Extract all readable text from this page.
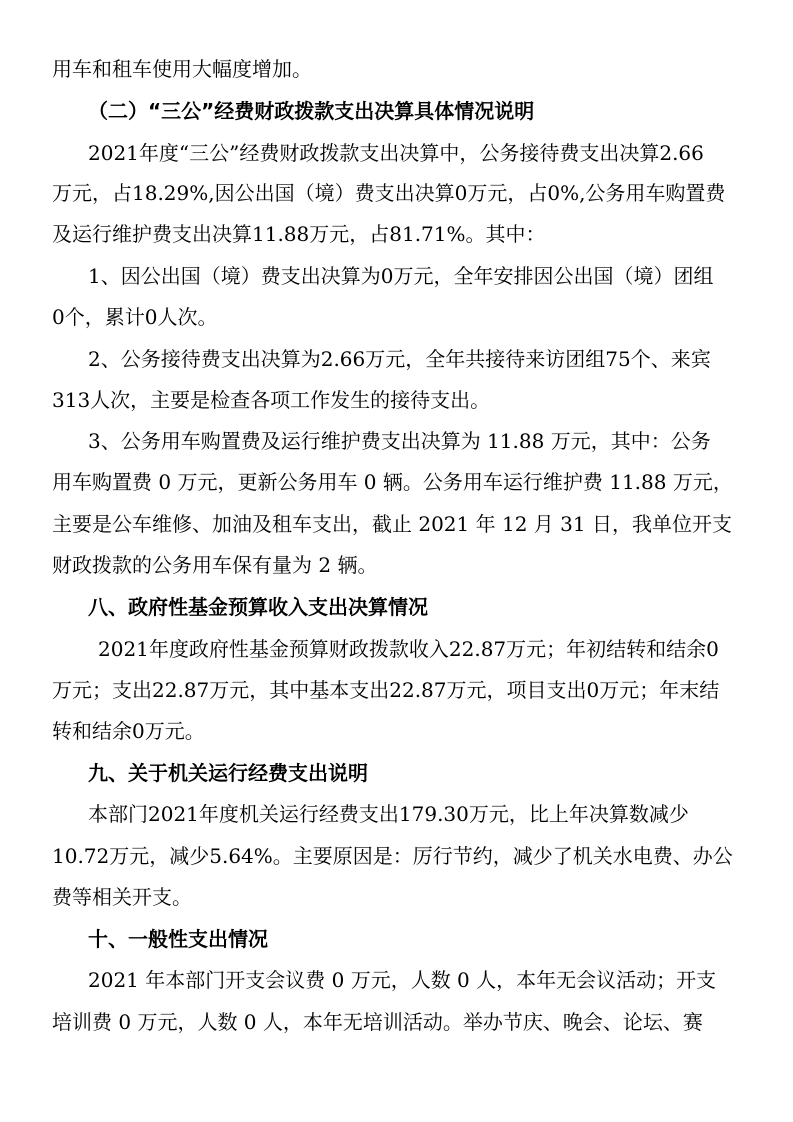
用车和租车使用大幅度增加。
（二）“三公”经费财政拨款支出决算具体情况说明
2021年度“三公”经费财政拨款支出决算中，公务接待费支出决算2.66
万元，占18.29%,因公出国（境）费支出决算0万元，占0%,公务用车购置费
及运行维护费支出决算11.88万元，占81.71%。其中：
1、因公出国（境）费支出决算为0万元，全年安排因公出国（境）团组
0个，累计0人次。
2、公务接待费支出决算为2.66万元，全年共接待来访团组75个、来宾
313人次，主要是检查各项工作发生的接待支出。
3、公务用车购置费及运行维护费支出决算为 11.88 万元，其中：公务
用车购置费 0 万元，更新公务用车 0 辆。公务用车运行维护费 11.88 万元，
主要是公车维修、加油及租车支出，截止 2021 年 12 月 31 日，我单位开支
财政拨款的公务用车保有量为 2 辆。
八、政府性基金预算收入支出决算情况
2021年度政府性基金预算财政拨款收入22.87万元；年初结转和结余0
万元；支出22.87万元，其中基本支出22.87万元，项目支出0万元；年末结
转和结余0万元。
九、关于机关运行经费支出说明
本部门2021年度机关运行经费支出179.30万元，比上年决算数减少
10.72万元，减少5.64%。主要原因是：厉行节约，减少了机关水电费、办公
费等相关开支。
十、一般性支出情况
2021 年本部门开支会议费 0 万元，人数 0 人，本年无会议活动；开支
培训费 0 万元，人数 0 人，本年无培训活动。举办节庆、晚会、论坛、赛
